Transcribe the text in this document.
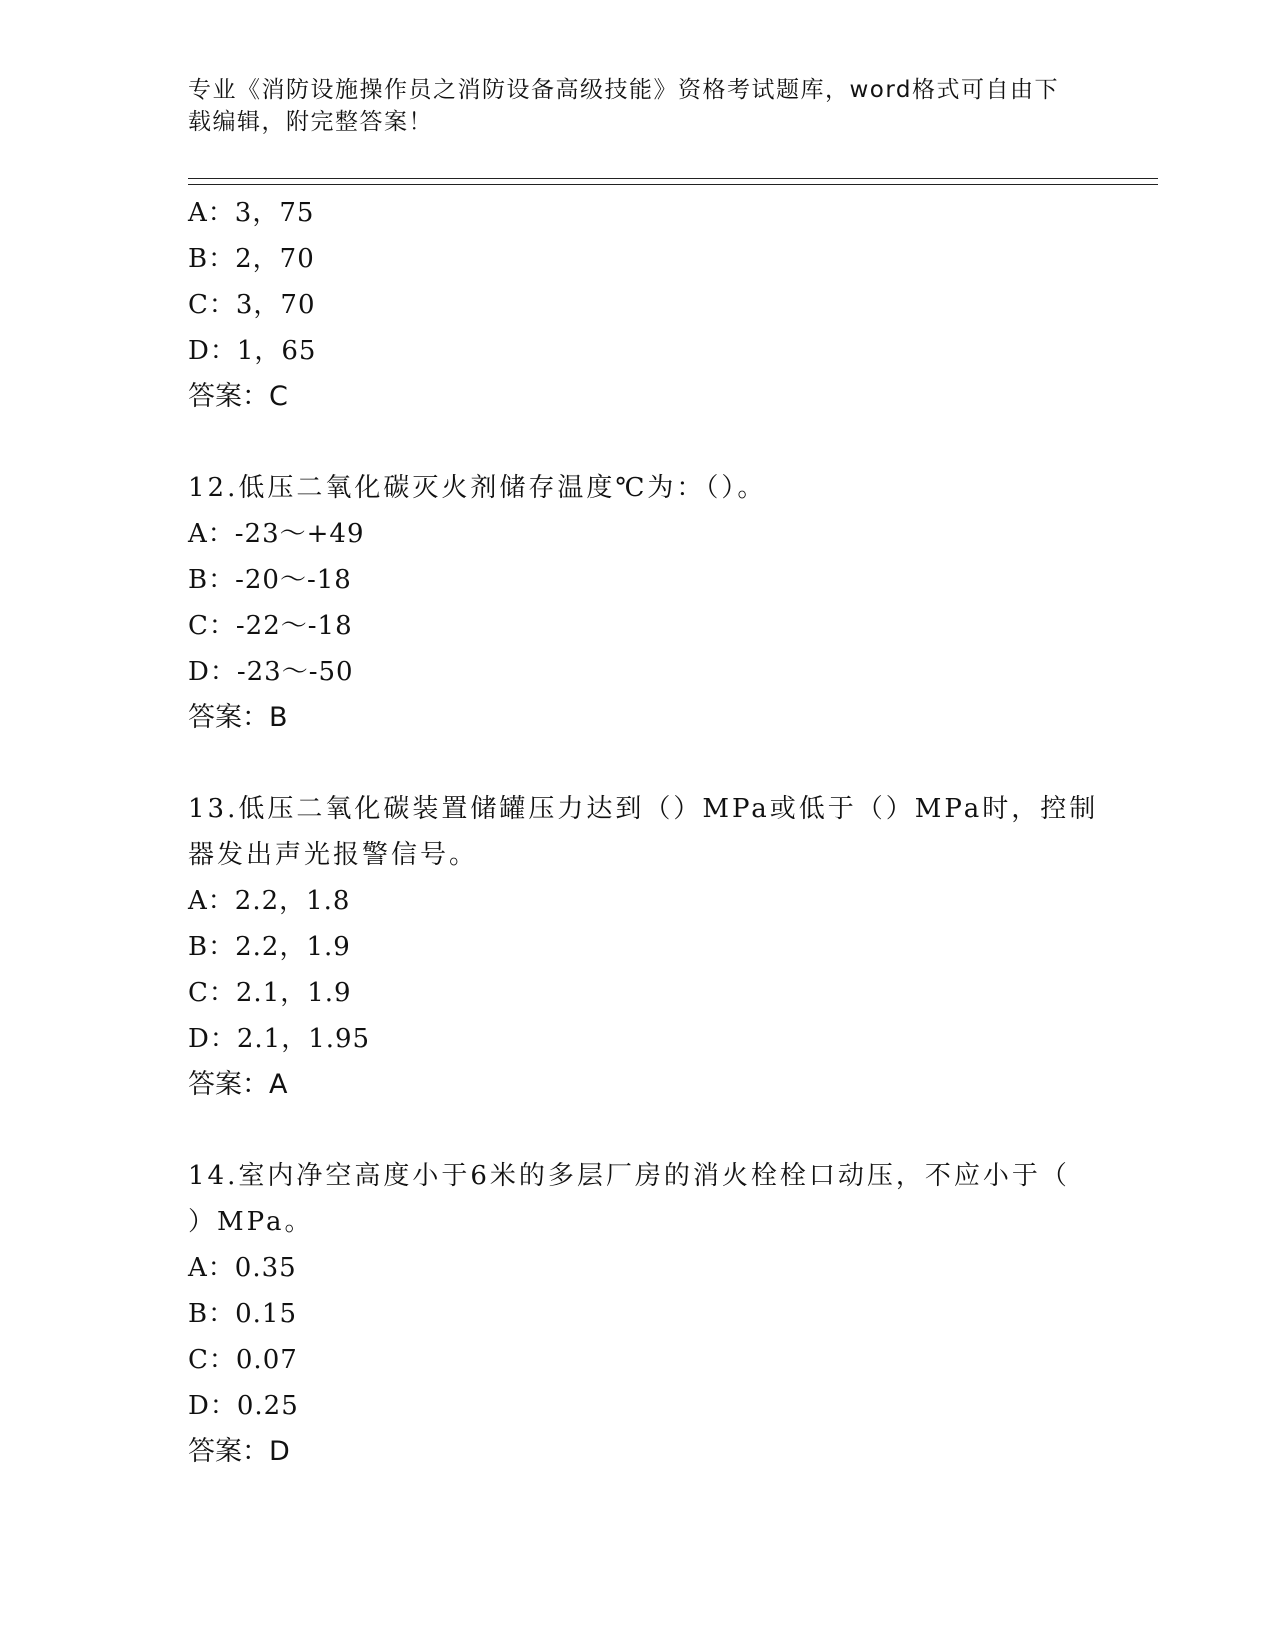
专业《消防设施操作员之消防设备高级技能》资格考试题库，word格式可自由下
载编辑，附完整答案！
A：3，75
B：2，70
C：3，70
D：1，65
答案：C
12.低压二氧化碳灭火剂储存温度℃为：（）。
A：-23～+49
B：-20～-18
C：-22～-18
D：-23～-50
答案：B
13.低压二氧化碳装置储罐压力达到（）MPa或低于（）MPa时，控制
器发出声光报警信号。
A：2.2，1.8
B：2.2，1.9
C：2.1，1.9
D：2.1，1.95
答案：A
14.室内净空高度小于6米的多层厂房的消火栓栓口动压，不应小于（
）MPa。
A：0.35
B：0.15
C：0.07
D：0.25
答案：D
